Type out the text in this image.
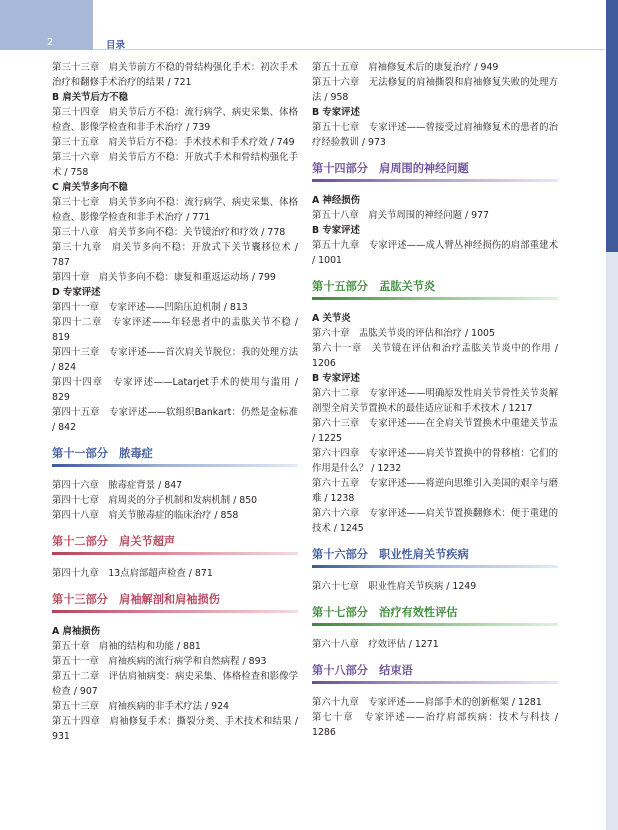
2	目录

第三十三章　肩关节前方不稳的骨结构强化手术：初次手术治疗和翻修手术治疗的结果 / 721

B 肩关节后方不稳

第三十四章　肩关节后方不稳：流行病学、病史采集、体格检查、影像学检查和非手术治疗 / 739

第三十五章　肩关节后方不稳：手术技术和手术疗效 / 749

第三十六章　肩关节后方不稳：开放式手术和骨结构强化手术 / 758

C 肩关节多向不稳

第三十七章　肩关节多向不稳：流行病学、病史采集、体格检查、影像学检查和非手术治疗 / 771

第三十八章　肩关节多向不稳：关节镜治疗和疗效 / 778

第三十九章　肩关节多向不稳：开放式下关节囊移位术 / 787

第四十章　肩关节多向不稳：康复和重返运动场 / 799

D 专家评述

第四十一章　专家评述——凹陷压迫机制 / 813

第四十二章　专家评述——年轻患者中的盂肱关节不稳 / 819

第四十三章　专家评述——首次肩关节脱位：我的处理方法 / 824

第四十四章　专家评述——Latarjet手术的使用与滥用 / 829

第四十五章　专家评述——软组织Bankart：仍然是金标准 / 842

第十一部分　脓毒症

第四十六章　脓毒症背景 / 847

第四十七章　肩周炎的分子机制和发病机制 / 850

第四十八章　肩关节脓毒症的临床治疗 / 858

第十二部分　肩关节超声

第四十九章　13点肩部超声检查 / 871

第十三部分　肩袖解剖和肩袖损伤

A 肩袖损伤

第五十章　肩袖的结构和功能 / 881

第五十一章　肩袖疾病的流行病学和自然病程 / 893

第五十二章　评估肩袖病变：病史采集、体格检查和影像学检查 / 907

第五十三章　肩袖疾病的非手术疗法 / 924

第五十四章　肩袖修复手术：撕裂分类、手术技术和结果 / 931

第五十五章　肩袖修复术后的康复治疗 / 949

第五十六章　无法修复的肩袖撕裂和肩袖修复失败的处理方法 / 958

B 专家评述

第五十七章　专家评述——曾接受过肩袖修复术的患者的治疗经验教训 / 973

第十四部分　肩周围的神经问题

A 神经损伤

第五十八章　肩关节周围的神经问题 / 977

B 专家评述

第五十九章　专家评述——成人臂丛神经损伤的肩部重建术 / 1001

第十五部分　盂肱关节炎

A 关节炎

第六十章　盂肱关节炎的评估和治疗 / 1005

第六十一章　关节镜在评估和治疗盂肱关节炎中的作用 / 1206

B 专家评述

第六十二章　专家评述——明确原发性肩关节骨性关节炎解剖型全肩关节置换术的最佳适应证和手术技术 / 1217

第六十三章　专家评述——在全肩关节置换术中重建关节盂 / 1225

第六十四章　专家评述——肩关节置换中的骨移植：它们的作用是什么？ / 1232

第六十五章　专家评述——将逆向思维引入美国的艰辛与磨难 / 1238

第六十六章　专家评述——肩关节置换翻修术：便于重建的技术 / 1245

第十六部分　职业性肩关节疾病

第六十七章　职业性肩关节疾病 / 1249

第十七部分　治疗有效性评估

第六十八章　疗效评估 / 1271

第十八部分　结束语

第六十九章　专家评述——肩部手术的创新框架 / 1281

第七十章　专家评述——治疗肩部疾病：技术与科技 / 1286
